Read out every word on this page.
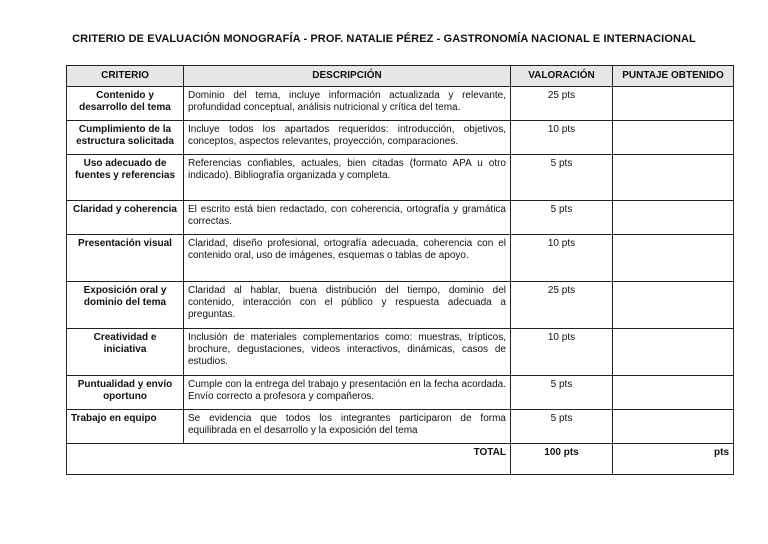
CRITERIO DE EVALUACIÓN MONOGRAFÍA - PROF. NATALIE PÉREZ - GASTRONOMÍA NACIONAL E INTERNACIONAL
CRITERIO	DESCRIPCIÓN	VALORACIÓN	PUNTAJE OBTENIDO
Contenido y desarrollo del tema	Dominio del tema, incluye información actualizada y relevante, profundidad conceptual, análisis nutricional y crítica del tema.	25 pts	
Cumplimiento de la estructura solicitada	Incluye todos los apartados requeridos: introducción, objetivos, conceptos, aspectos relevantes, proyección, comparaciones.	10 pts	
Uso adecuado de fuentes y referencias	Referencias confiables, actuales, bien citadas (formato APA u otro indicado). Bibliografía organizada y completa.	5 pts	
Claridad y coherencia	El escrito está bien redactado, con coherencia, ortografía y gramática correctas.	5 pts	
Presentación visual	Claridad, diseño profesional, ortografía adecuada, coherencia con el contenido oral, uso de imágenes, esquemas o tablas de apoyo.	10 pts	
Exposición oral y dominio del tema	Claridad al hablar, buena distribución del tiempo, dominio del contenido, interacción con el público y respuesta adecuada a preguntas.	25 pts	
Creatividad e iniciativa	Inclusión de materiales complementarios como: muestras, trípticos, brochure, degustaciones, videos interactivos, dinámicas, casos de estudios.	10 pts	
Puntualidad y envío oportuno	Cumple con la entrega del trabajo y presentación en la fecha acordada. Envío correcto a profesora y compañeros.	5 pts	
Trabajo en equipo	Se evidencia que todos los integrantes participaron de forma equilibrada en el desarrollo y la exposición del tema	5 pts	
TOTAL		100 pts	pts
